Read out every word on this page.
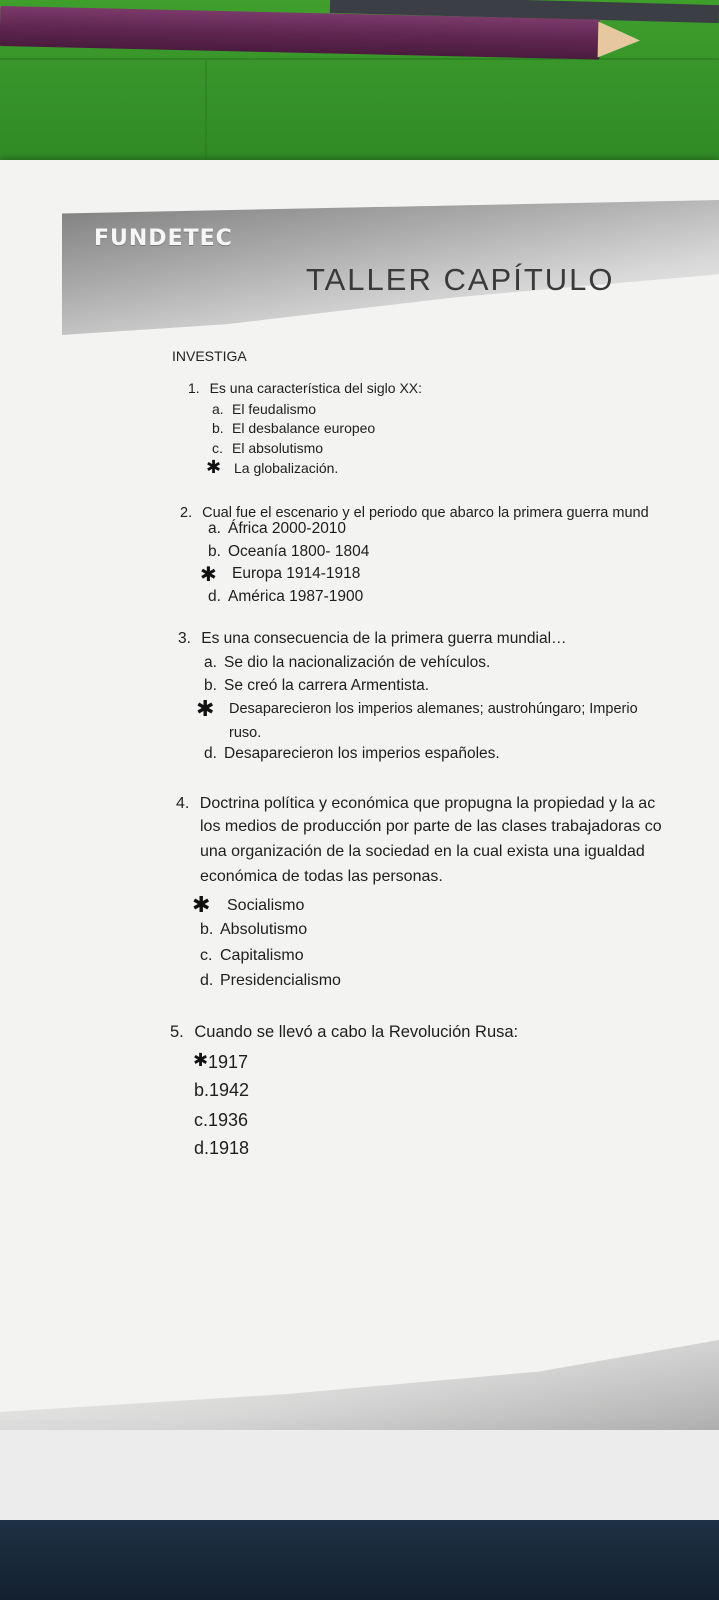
FUNDETEC
TALLER CAPÍTULO
INVESTIGA
1. Es una característica del siglo XX:
a. El feudalismo
b. El desbalance europeo
c. El absolutismo
✱ La globalización.
2. Cual fue el escenario y el periodo que abarco la primera guerra mund
a. África 2000-2010
b. Oceanía 1800- 1804
✱ Europa 1914-1918
d. América 1987-1900
3. Es una consecuencia de la primera guerra mundial…
a. Se dio la nacionalización de vehículos.
b. Se creó la carrera Armentista.
✱ Desaparecieron los imperios alemanes; austrohúngaro; Imperio
ruso.
d. Desaparecieron los imperios españoles.
4. Doctrina política y económica que propugna la propiedad y la ac
los medios de producción por parte de las clases trabajadoras co
una organización de la sociedad en la cual exista una igualdad
económica de todas las personas.
✱ Socialismo
b. Absolutismo
c. Capitalismo
d. Presidencialismo
5. Cuando se llevó a cabo la Revolución Rusa:
✱ 1917
b.1942
c.1936
d.1918
